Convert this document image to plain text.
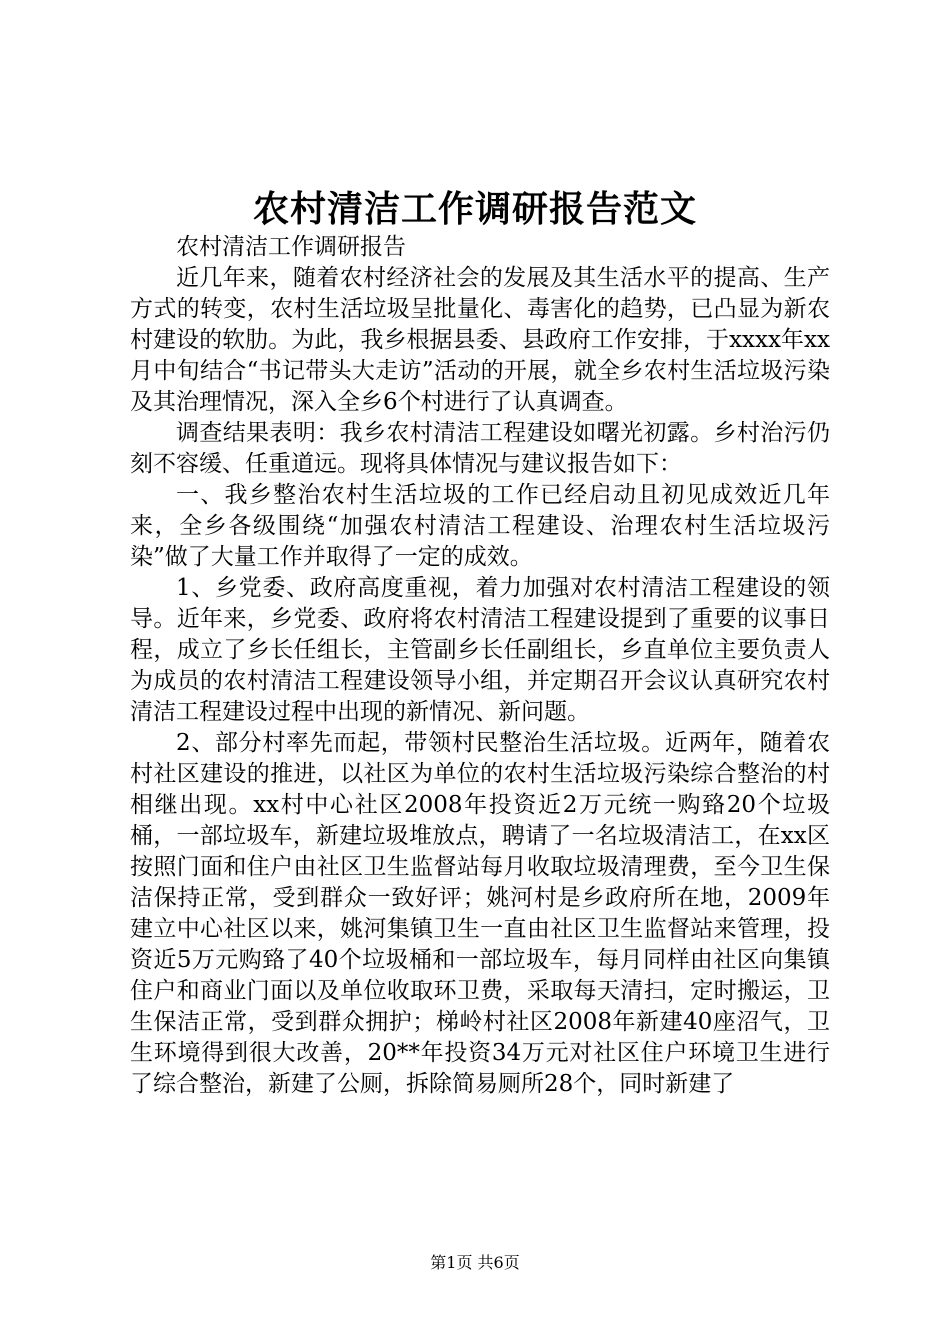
农村清洁工作调研报告范文

农村清洁工作调研报告

近几年来，随着农村经济社会的发展及其生活水平的提高、生产方式的转变，农村生活垃圾呈批量化、毒害化的趋势，已凸显为新农村建设的软肋。为此，我乡根据县委、县政府工作安排，于xxxx年xx月中旬结合“书记带头大走访”活动的开展，就全乡农村生活垃圾污染及其治理情况，深入全乡6个村进行了认真调查。

调查结果表明：我乡农村清洁工程建设如曙光初露。乡村治污仍刻不容缓、任重道远。现将具体情况与建议报告如下：

一、我乡整治农村生活垃圾的工作已经启动且初见成效近几年来，全乡各级围绕“加强农村清洁工程建设、治理农村生活垃圾污染”做了大量工作并取得了一定的成效。

1、乡党委、政府高度重视，着力加强对农村清洁工程建设的领导。近年来，乡党委、政府将农村清洁工程建设提到了重要的议事日程，成立了乡长任组长，主管副乡长任副组长，乡直单位主要负责人为成员的农村清洁工程建设领导小组，并定期召开会议认真研究农村清洁工程建设过程中出现的新情况、新问题。

2、部分村率先而起，带领村民整治生活垃圾。近两年，随着农村社区建设的推进，以社区为单位的农村生活垃圾污染综合整治的村相继出现。xx村中心社区2008年投资近2万元统一购臵20个垃圾桶，一部垃圾车，新建垃圾堆放点，聘请了一名垃圾清洁工，在xx区按照门面和住户由社区卫生监督站每月收取垃圾清理费，至今卫生保洁保持正常，受到群众一致好评；姚河村是乡政府所在地，2009年建立中心社区以来，姚河集镇卫生一直由社区卫生监督站来管理，投资近5万元购臵了40个垃圾桶和一部垃圾车，每月同样由社区向集镇住户和商业门面以及单位收取环卫费，采取每天清扫，定时搬运，卫生保洁正常，受到群众拥护；梯岭村社区2008年新建40座沼气，卫生环境得到很大改善，20**年投资34万元对社区住户环境卫生进行了综合整治，新建了公厕，拆除简易厕所28个，同时新建了

第1页 共6页
